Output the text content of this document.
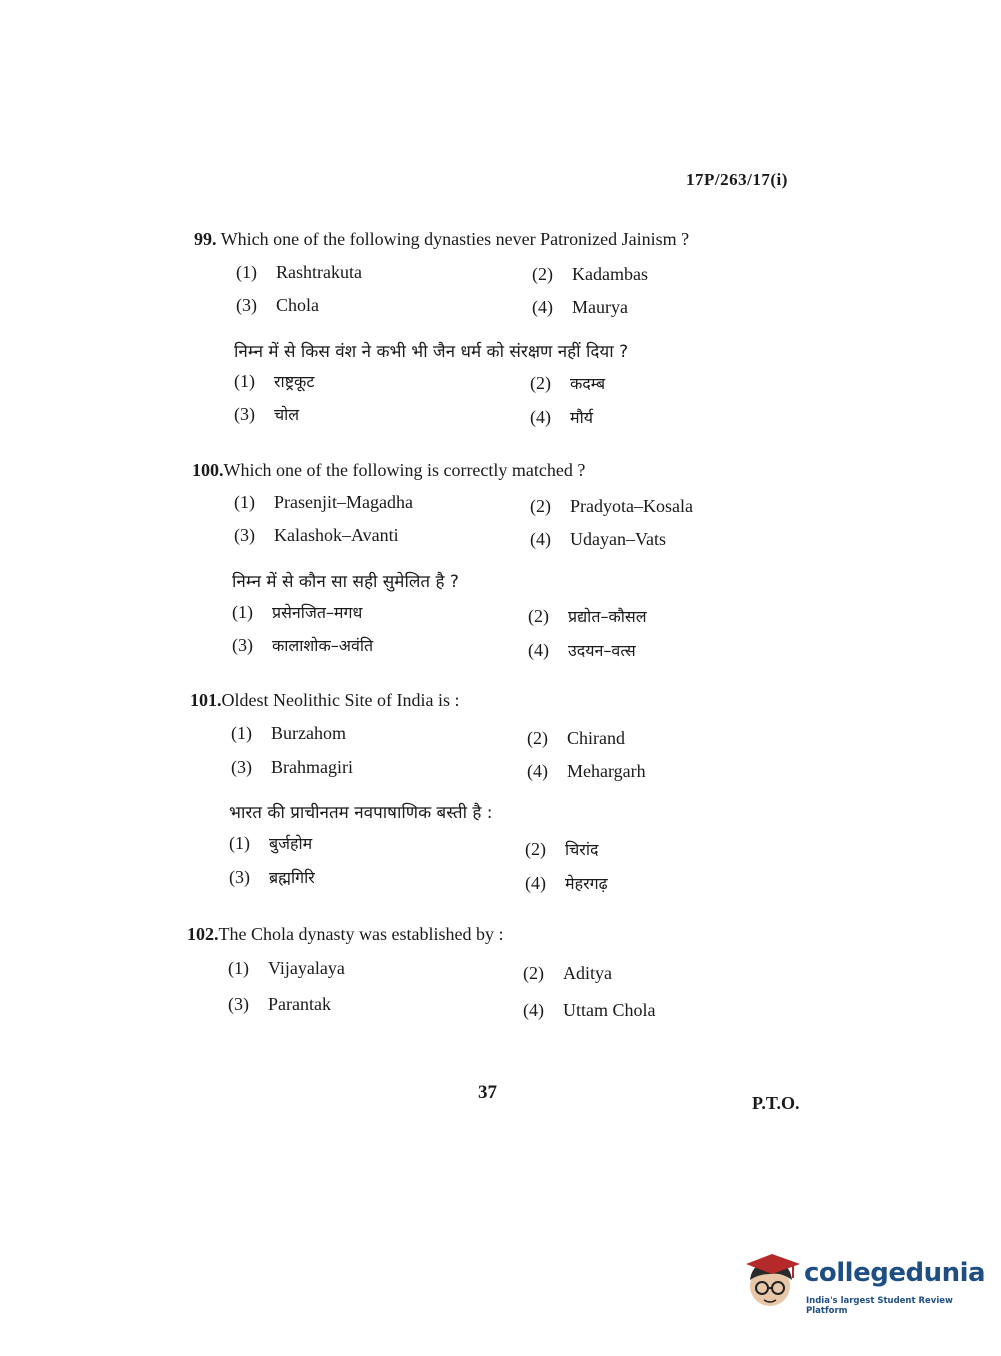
17P/263/17(i)
99. Which one of the following dynasties never Patronized Jainism ?
(1) Rashtrakuta	(2) Kadambas
(3) Chola	(4) Maurya
निम्न में से किस वंश ने कभी भी जैन धर्म को संरक्षण नहीं दिया ?
(1) राष्ट्रकूट	(2) कदम्ब
(3) चोल	(4) मौर्य
100.Which one of the following is correctly matched ?
(1) Prasenjit–Magadha	(2) Pradyota–Kosala
(3) Kalashok–Avanti	(4) Udayan–Vats
निम्न में से कौन सा सही सुमेलित है ?
(1) प्रसेनजित–मगध	(2) प्रद्योत–कौसल
(3) कालाशोक–अवंति	(4) उदयन–वत्स
101.Oldest Neolithic Site of India is :
(1) Burzahom	(2) Chirand
(3) Brahmagiri	(4) Mehargarh
भारत की प्राचीनतम नवपाषाणिक बस्ती है :
(1) बुर्जहोम	(2) चिरांद
(3) ब्रह्मगिरि	(4) मेहरगढ़
102.The Chola dynasty was established by :
(1) Vijayalaya	(2) Aditya
(3) Parantak	(4) Uttam Chola
37	P.T.O.
collegedunia
India's largest Student Review Platform
